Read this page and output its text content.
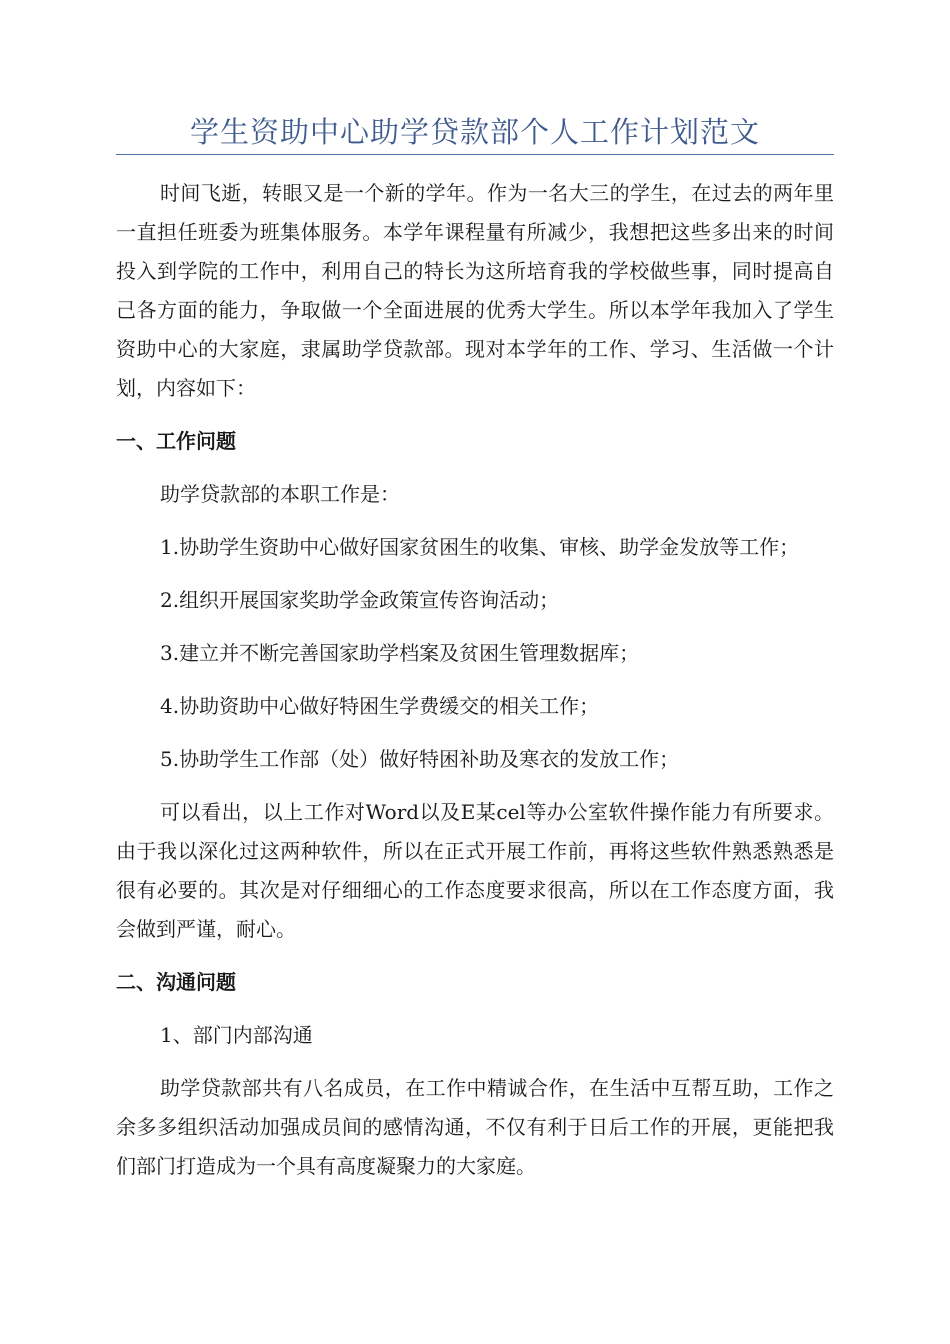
学生资助中心助学贷款部个人工作计划范文

时间飞逝，转眼又是一个新的学年。作为一名大三的学生，在过去的两年里一直担任班委为班集体服务。本学年课程量有所减少，我想把这些多出来的时间投入到学院的工作中，利用自己的特长为这所培育我的学校做些事，同时提高自己各方面的能力，争取做一个全面进展的优秀大学生。所以本学年我加入了学生资助中心的大家庭，隶属助学贷款部。现对本学年的工作、学习、生活做一个计划，内容如下：

一、工作问题

助学贷款部的本职工作是：

1.协助学生资助中心做好国家贫困生的收集、审核、助学金发放等工作；

2.组织开展国家奖助学金政策宣传咨询活动；

3.建立并不断完善国家助学档案及贫困生管理数据库；

4.协助资助中心做好特困生学费缓交的相关工作；

5.协助学生工作部（处）做好特困补助及寒衣的发放工作；

可以看出，以上工作对Word以及E某cel等办公室软件操作能力有所要求。由于我以深化过这两种软件，所以在正式开展工作前，再将这些软件熟悉熟悉是很有必要的。其次是对仔细细心的工作态度要求很高，所以在工作态度方面，我会做到严谨，耐心。

二、沟通问题

1、部门内部沟通

助学贷款部共有八名成员，在工作中精诚合作，在生活中互帮互助，工作之余多多组织活动加强成员间的感情沟通，不仅有利于日后工作的开展，更能把我们部门打造成为一个具有高度凝聚力的大家庭。
